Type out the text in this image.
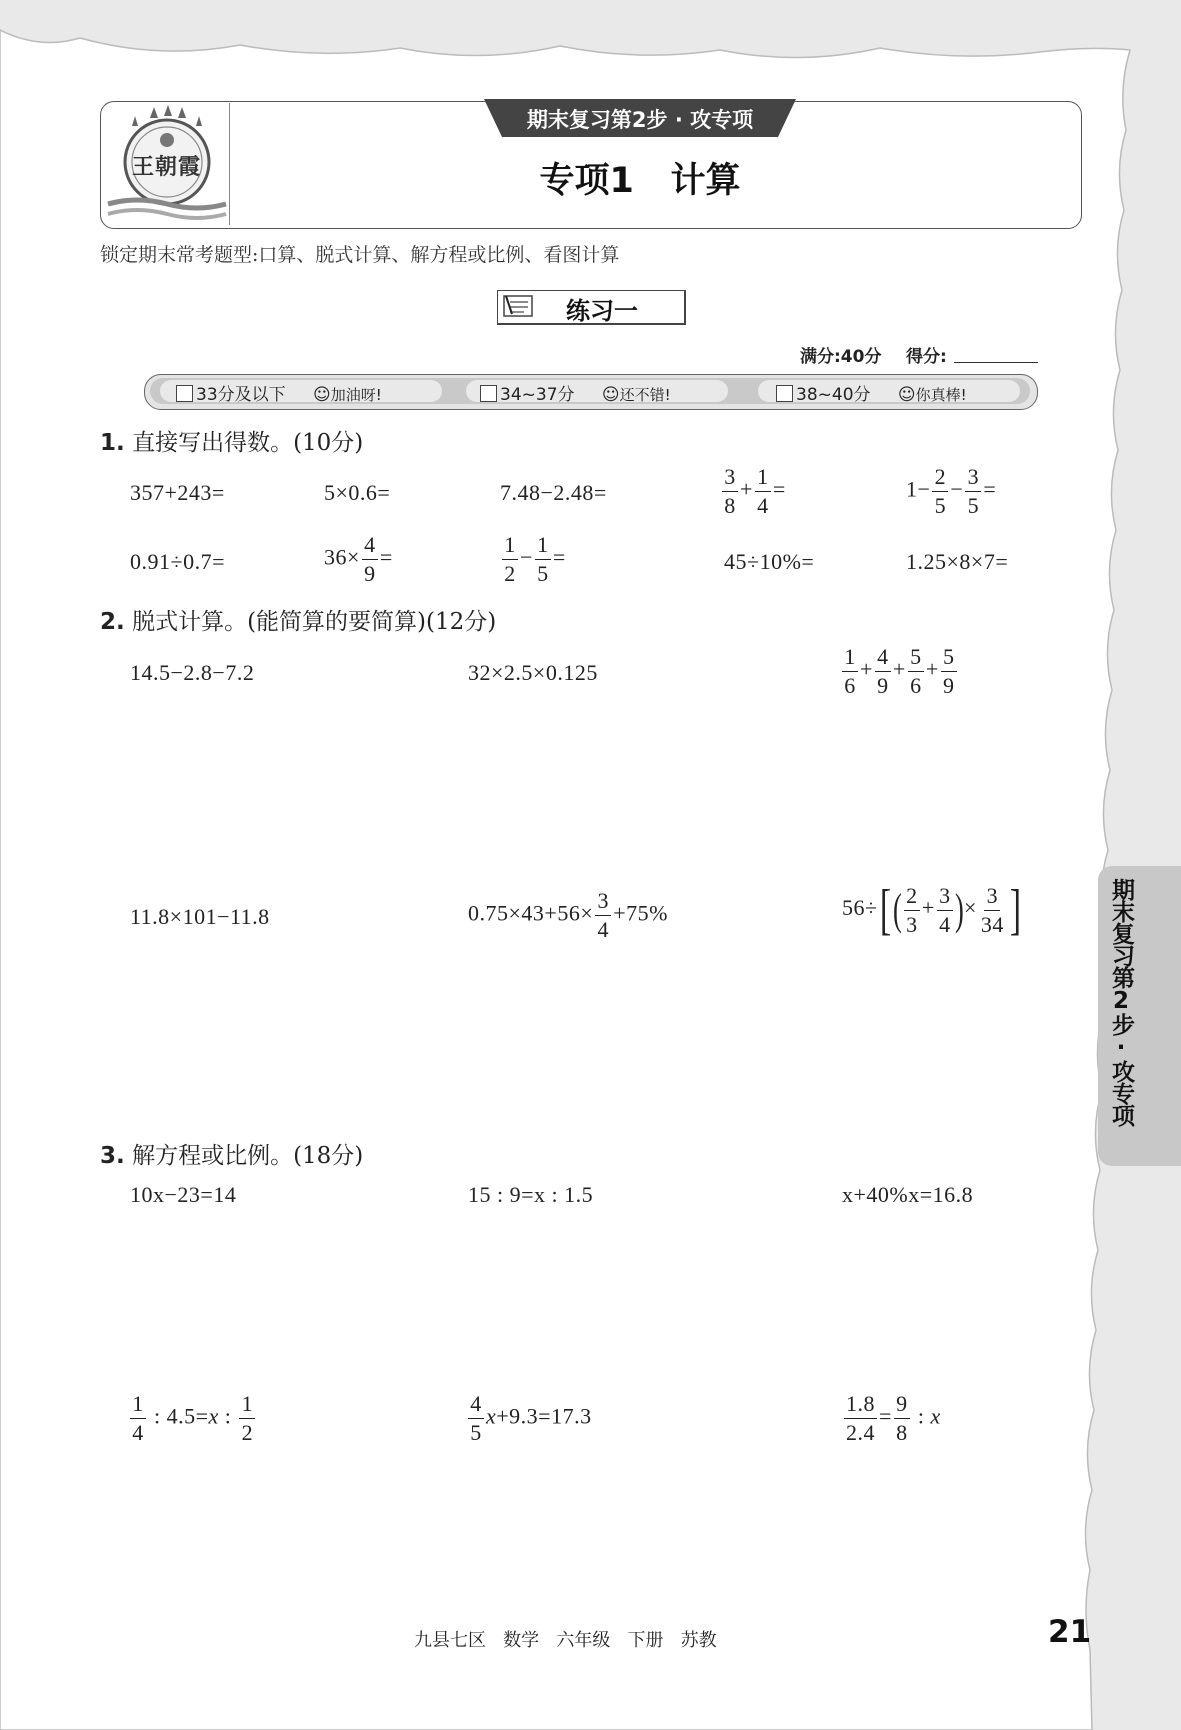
王朝霞
期末复习第2步 · 攻专项
专项1   计算
锁定期末常考题型:口算、脱式计算、解方程或比例、看图计算
练习一
满分:40分 得分:
33分及以下 ☺加油呀!	34~37分 ☺还不错!	38~40分 ☺你真棒!
1. 直接写出得数。(10分)
357+243=	5×0.6=	7.48−2.48=	$\frac{3}{8} + \frac{1}{4}$ =	$1- \frac{2}{5} - \frac{3}{5}$ =
0.91÷0.7=	$36\times \frac{4}{9}$ =	$\frac{1}{2} - \frac{1}{5}$ =	45÷10%=	1.25×8×7=
2. 脱式计算。(能简算的要简算)(12分)
14.5−2.8−7.2	32×2.5×0.125	$\frac{1}{6} + \frac{4}{9} + \frac{5}{6} + \frac{5}{9}$
11.8×101−11.8	$0.75\times 43+56\times \frac{3}{4} +75\%$	$56\div[( \frac{2}{3} + \frac{3}{4}$ )× $\frac{3}{34}$ ]
3. 解方程或比例。(18分)
10x−23=14	15 : 9=x : 1.5	x+40%x=16.8
$\frac{1}{4}$ : 4.5=x : $\frac{1}{2}$	$\frac{4}{5} x+9.3=17.3$	$\frac{1.8}{2.4} = \frac{9}{8}$ : x
期末复习第2步·攻专项
九县七区   数学   六年级   下册   苏教	21
